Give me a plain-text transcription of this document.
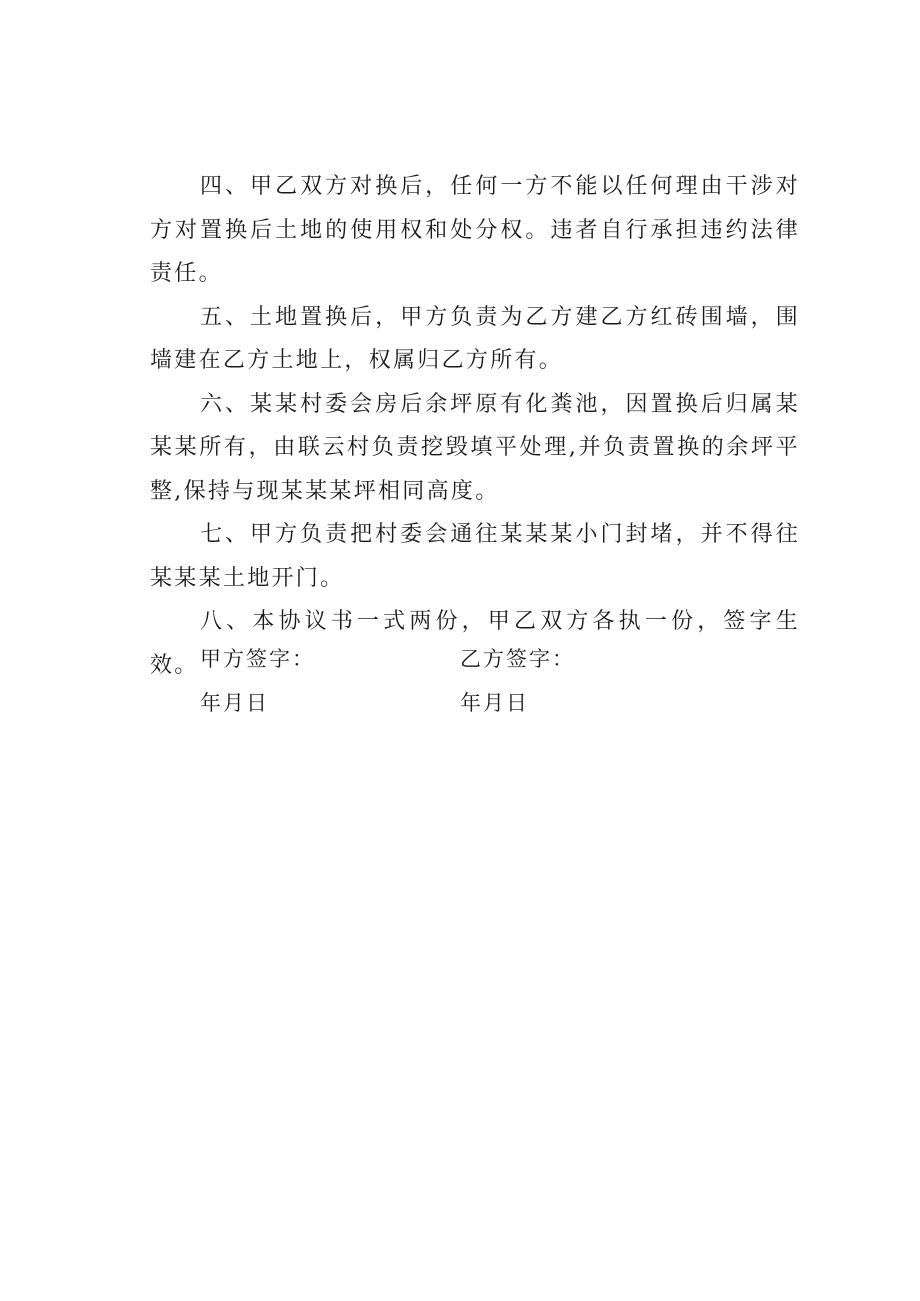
四、甲乙双方对换后，任何一方不能以任何理由干涉对方对置换后土地的使用权和处分权。违者自行承担违约法律责任。

五、土地置换后，甲方负责为乙方建乙方红砖围墙，围墙建在乙方土地上，权属归乙方所有。

六、某某村委会房后余坪原有化粪池，因置换后归属某某某所有，由联云村负责挖毁填平处理,并负责置换的余坪平整,保持与现某某某坪相同高度。

七、甲方负责把村委会通往某某某小门封堵，并不得往某某某土地开门。

八、本协议书一式两份，甲乙双方各执一份，签字生效。 甲方签字：	乙方签字：
年月日	年月日
